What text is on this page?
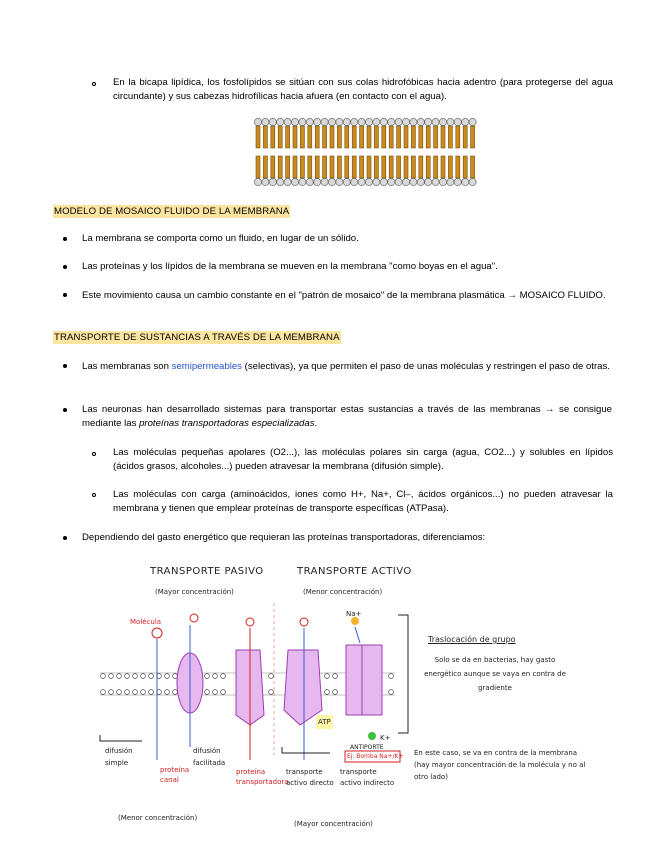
En la bicapa lipídica, los fosfolípidos se sitúan con sus colas hidrofóbicas hacia adentro (para protegerse del agua circundante) y sus cabezas hidrofílicas hacia afuera (en contacto con el agua).
MODELO DE MOSAICO FLUIDO DE LA MEMBRANA
La membrana se comporta como un fluido, en lugar de un sólido.
Las proteínas y los lípidos de la membrana se mueven en la membrana "como boyas en el agua".
Este movimiento causa un cambio constante en el "patrón de mosaico" de la membrana plasmática → MOSAICO FLUIDO.
TRANSPORTE DE SUSTANCIAS A TRAVÉS DE LA MEMBRANA
Las membranas son semipermeables (selectivas), ya que permiten el paso de unas moléculas y restringen el paso de otras.
Las neuronas han desarrollado sistemas para transportar estas sustancias a través de las membranas → se consigue mediante las proteínas transportadoras especializadas.
Las moléculas pequeñas apolares (O2...), las moléculas polares sin carga (agua, CO2...) y solubles en lípidos (ácidos grasos, alcoholes...) pueden atravesar la membrana (difusión simple).
Las moléculas con carga (aminoácidos, iones como H+, Na+, Cl–, ácidos orgánicos...) no pueden atravesar la membrana y tienen que emplear proteínas de transporte específicas (ATPasa).
Dependiendo del gasto energético que requieran las proteínas transportadoras, diferenciamos:
TRANSPORTE PASIVO
(Mayor concentración)
TRANSPORTE ACTIVO
(Menor concentración)
Molécula
Na+
K+
ATP
Traslocación de grupo
Solo se da en bacterias, hay gasto energético aunque se vaya en contra de gradiente
difusión simple
difusión facilitada
proteína canal
proteína transportadora
transporte activo directo
transporte activo indirecto
ANTIPORTE
Ej. Bomba Na+/K+ En este caso, se va en contra de la membrana (hay mayor concentración de la molécula y no al otro lado)
(Menor concentración)
(Mayor concentración)
